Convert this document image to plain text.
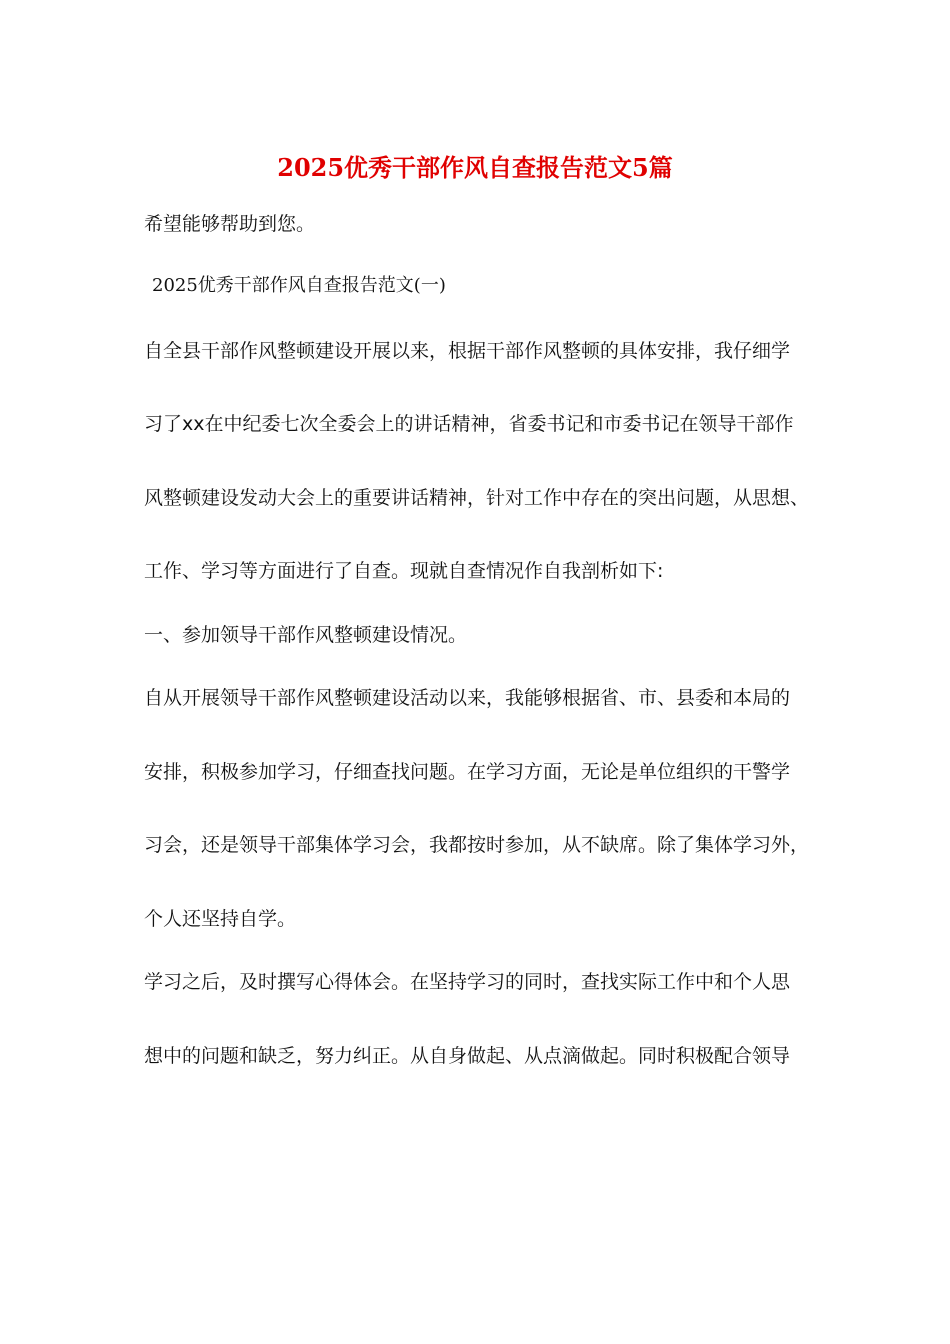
2025优秀干部作风自查报告范文5篇
希望能够帮助到您。
2025优秀干部作风自查报告范文(一)
自全县干部作风整顿建设开展以来，根据干部作风整顿的具体安排，我仔细学
习了xx在中纪委七次全委会上的讲话精神，省委书记和市委书记在领导干部作
风整顿建设发动大会上的重要讲话精神，针对工作中存在的突出问题，从思想、
工作、学习等方面进行了自查。现就自查情况作自我剖析如下:
一、参加领导干部作风整顿建设情况。
自从开展领导干部作风整顿建设活动以来，我能够根据省、市、县委和本局的
安排，积极参加学习，仔细查找问题。在学习方面，无论是单位组织的干警学
习会，还是领导干部集体学习会，我都按时参加，从不缺席。除了集体学习外，
个人还坚持自学。
学习之后，及时撰写心得体会。在坚持学习的同时，查找实际工作中和个人思
想中的问题和缺乏，努力纠正。从自身做起、从点滴做起。同时积极配合领导
